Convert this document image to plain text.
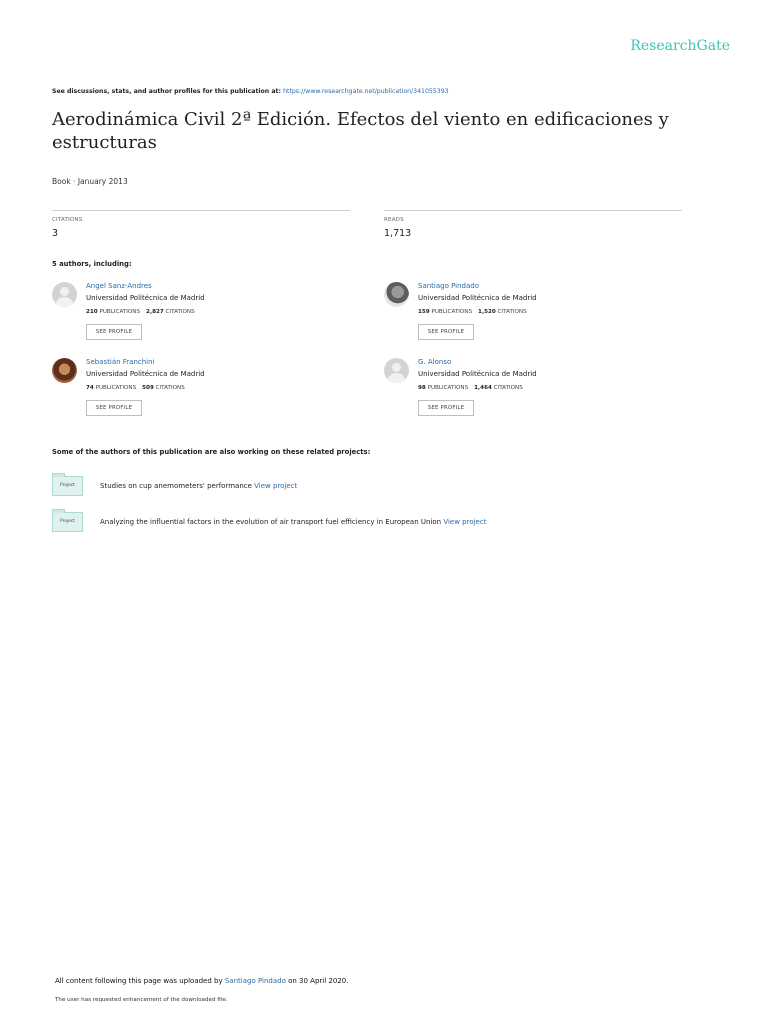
ResearchGate
See discussions, stats, and author profiles for this publication at: https://www.researchgate.net/publication/341055393
Aerodinámica Civil 2ª Edición. Efectos del viento en edificaciones y estructuras
Book · January 2013
CITATIONS
3
READS
1,713
5 authors, including:
Angel Sanz-Andres
Universidad Politécnica de Madrid
210 PUBLICATIONS 2,827 CITATIONS
SEE PROFILE
Santiago Pindado
Universidad Politécnica de Madrid
159 PUBLICATIONS 1,520 CITATIONS
SEE PROFILE
Sebastián Franchini
Universidad Politécnica de Madrid
74 PUBLICATIONS 509 CITATIONS
SEE PROFILE
G. Alonso
Universidad Politécnica de Madrid
98 PUBLICATIONS 1,464 CITATIONS
SEE PROFILE
Some of the authors of this publication are also working on these related projects:
Project	Studies on cup anemometers' performance View project
Project	Analyzing the influential factors in the evolution of air transport fuel efficiency in European Union View project
All content following this page was uploaded by Santiago Pindado on 30 April 2020.
The user has requested enhancement of the downloaded file.
